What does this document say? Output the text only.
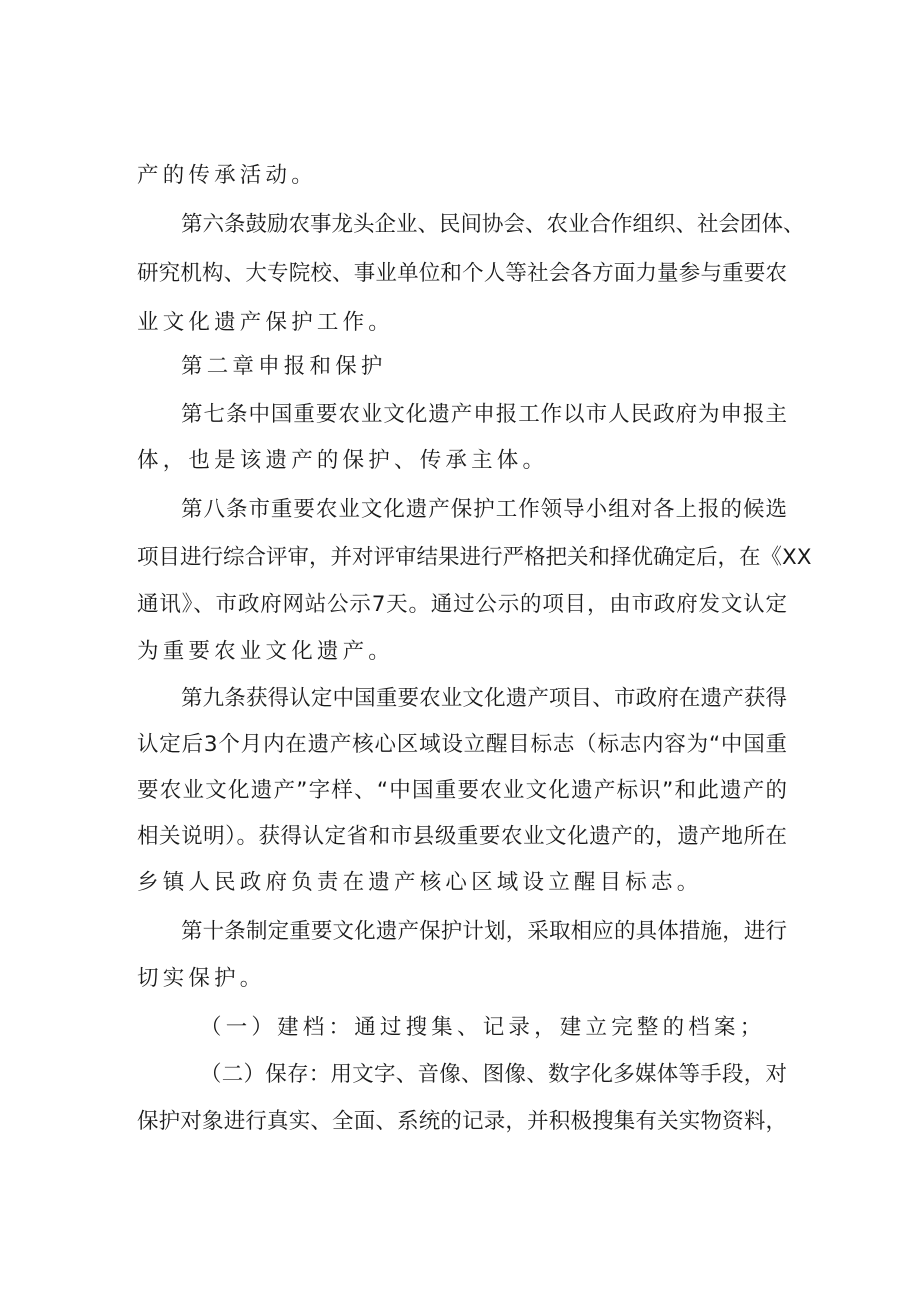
产的传承活动。
第六条鼓励农事龙头企业、民间协会、农业合作组织、社会团体、
研究机构、大专院校、事业单位和个人等社会各方面力量参与重要农
业文化遗产保护工作。
第二章申报和保护
第七条中国重要农业文化遗产申报工作以市人民政府为申报主
体，也是该遗产的保护、传承主体。
第八条市重要农业文化遗产保护工作领导小组对各上报的候选
项目进行综合评审，并对评审结果进行严格把关和择优确定后，在《XX
通讯》、市政府网站公示7天。通过公示的项目，由市政府发文认定
为重要农业文化遗产。
第九条获得认定中国重要农业文化遗产项目、市政府在遗产获得
认定后3个月内在遗产核心区域设立醒目标志（标志内容为“中国重
要农业文化遗产”字样、“中国重要农业文化遗产标识”和此遗产的
相关说明）。获得认定省和市县级重要农业文化遗产的，遗产地所在
乡镇人民政府负责在遗产核心区域设立醒目标志。
第十条制定重要文化遗产保护计划，采取相应的具体措施，进行
切实保护。
（一）建档：通过搜集、记录，建立完整的档案；
（二）保存：用文字、音像、图像、数字化多媒体等手段，对
保护对象进行真实、全面、系统的记录，并积极搜集有关实物资料，
